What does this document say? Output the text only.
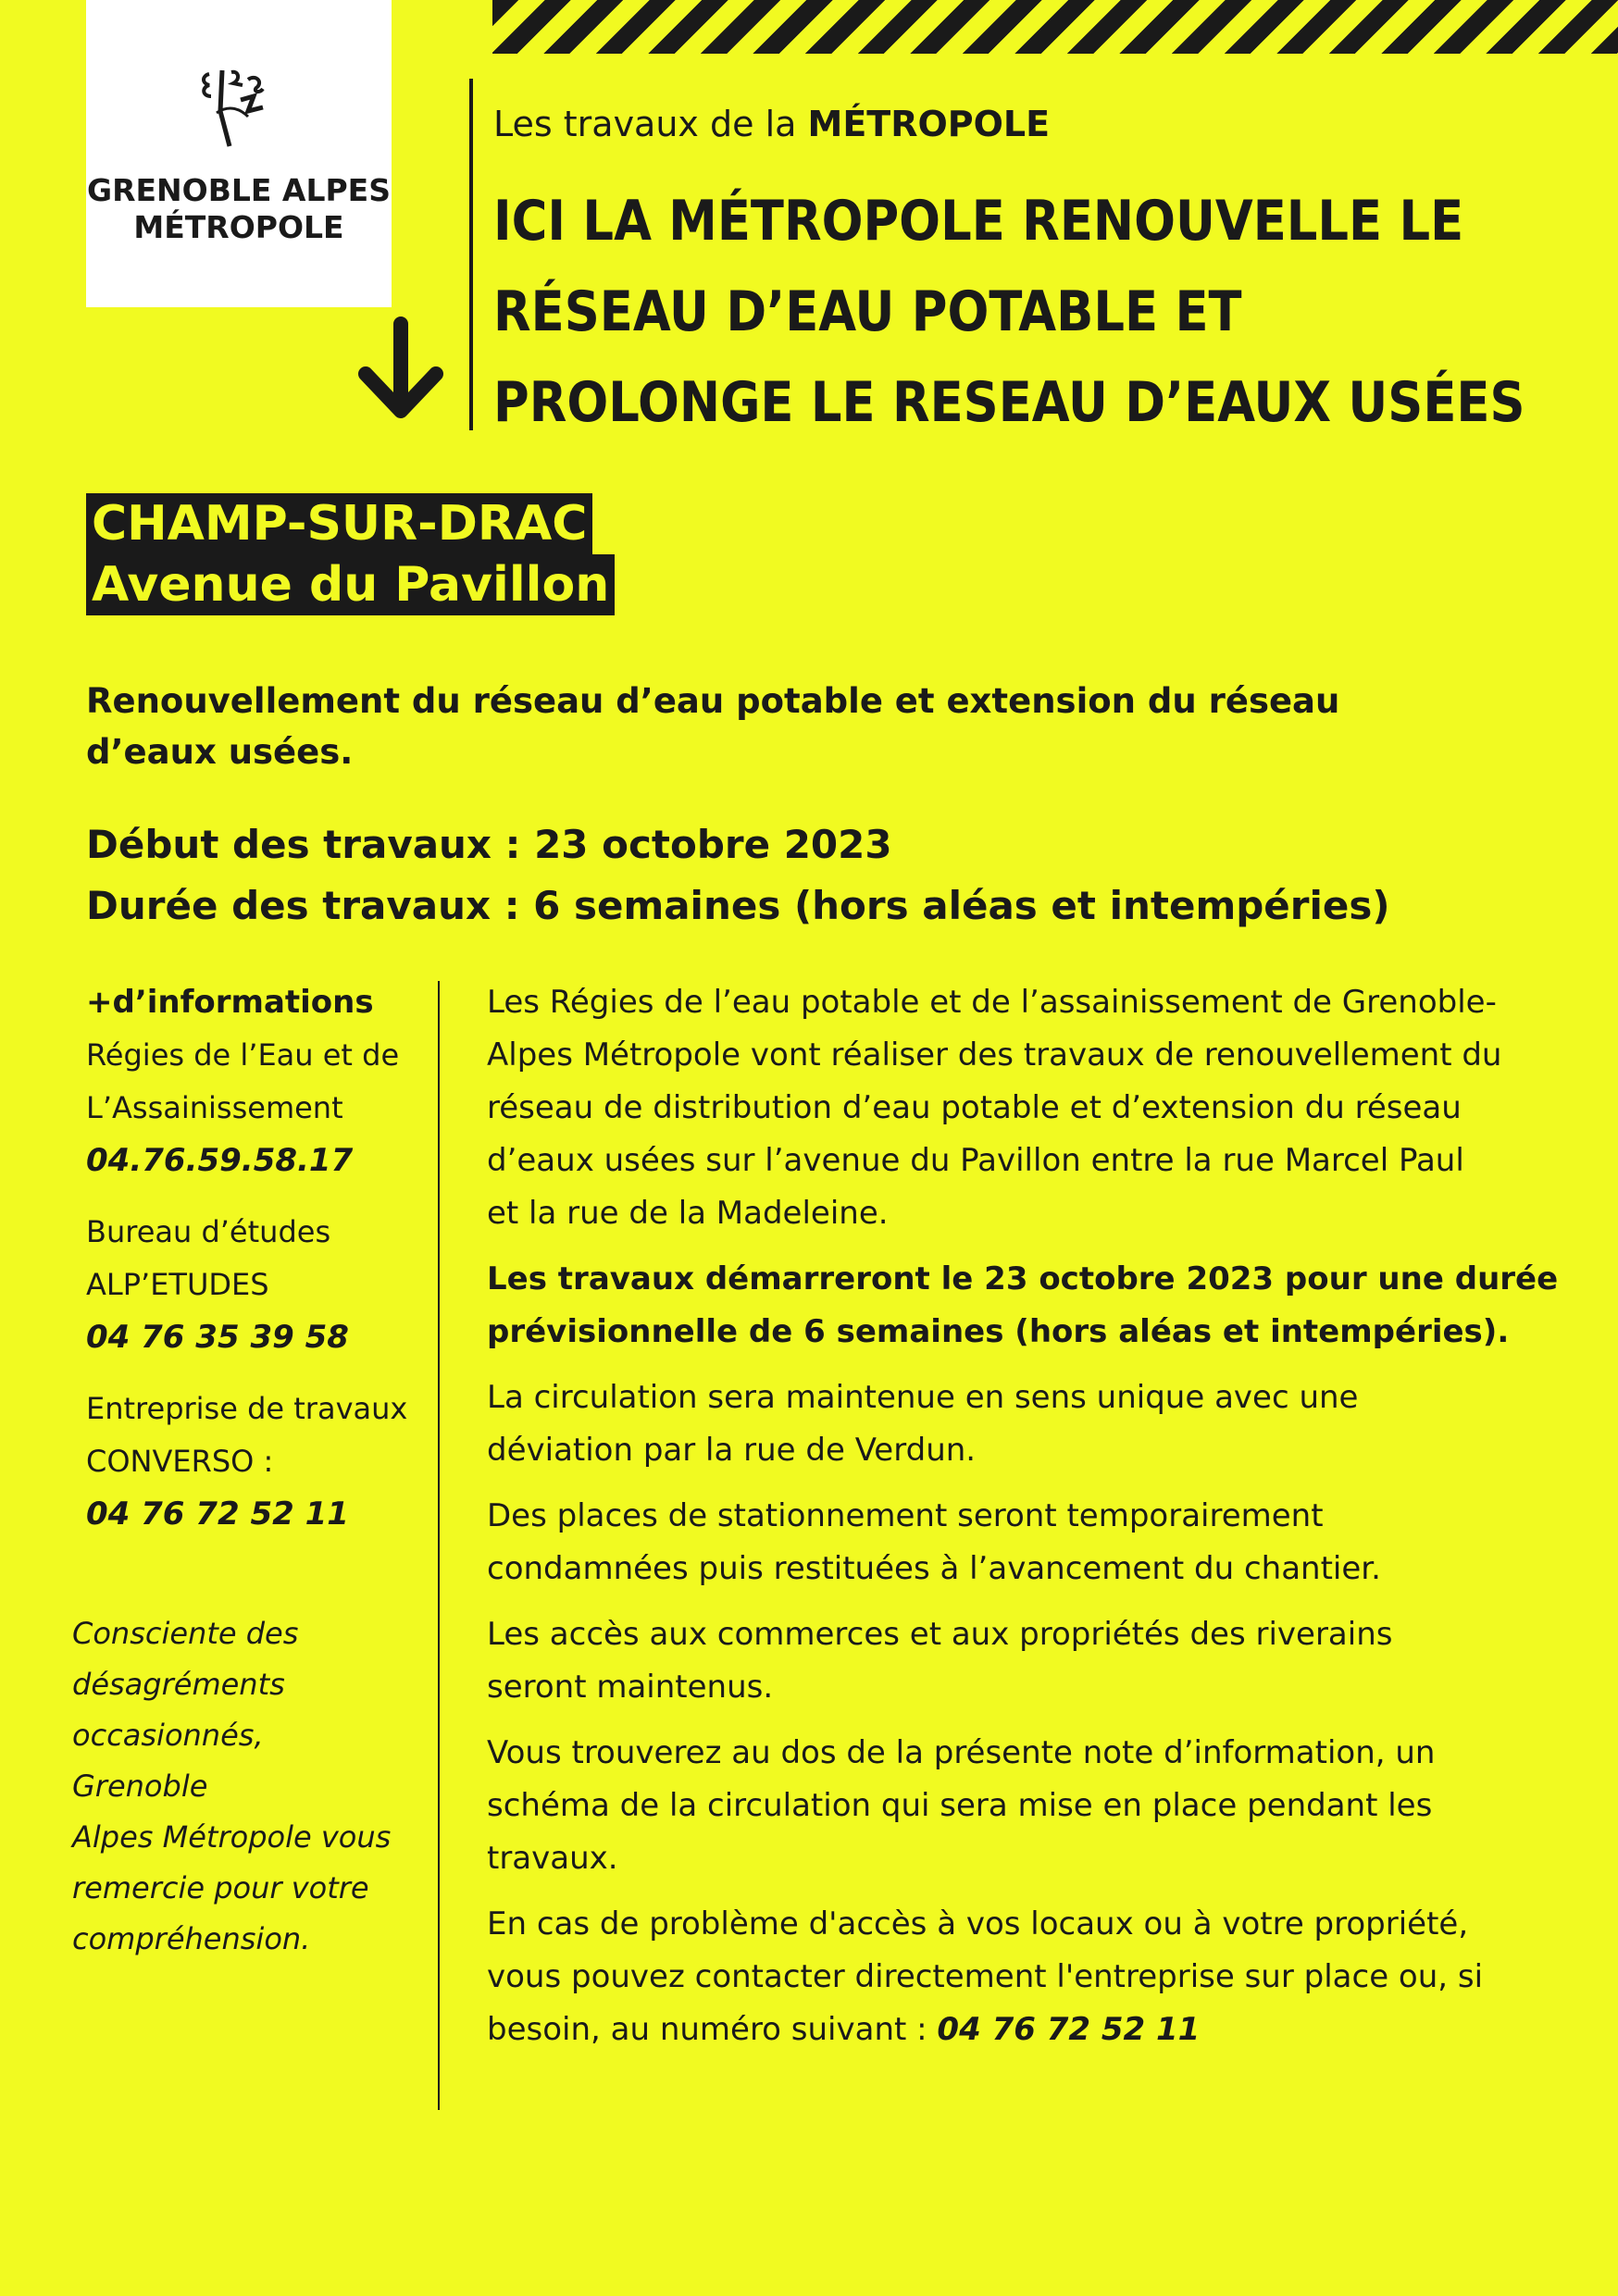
GRENOBLE ALPES
MÉTROPOLE
Les travaux de la MÉTROPOLE
ICI LA MÉTROPOLE RENOUVELLE LE
RÉSEAU D’EAU POTABLE ET
PROLONGE LE RESEAU D’EAUX USÉES
CHAMP-SUR-DRAC
Avenue du Pavillon
Renouvellement du réseau d’eau potable et extension du réseau d’eaux usées.
Début des travaux : 23 octobre 2023
Durée des travaux : 6 semaines (hors aléas et intempéries)
+d’informations
Régies de l’Eau et de
L’Assainissement
04.76.59.58.17
Bureau d’études
ALP’ETUDES
04 76 35 39 58
Entreprise de travaux
CONVERSO :
04 76 72 52 11
Consciente des
désagréments
occasionnés, Grenoble
Alpes Métropole vous
remercie pour votre
compréhension.

Les Régies de l’eau potable et de l’assainissement de Grenoble-
Alpes Métropole vont réaliser des travaux de renouvellement du
réseau de distribution d’eau potable et d’extension du réseau
d’eaux usées sur l’avenue du Pavillon entre la rue Marcel Paul
et la rue de la Madeleine.

Les travaux démarreront le 23 octobre 2023 pour une durée
prévisionnelle de 6 semaines (hors aléas et intempéries).

La circulation sera maintenue en sens unique avec une
déviation par la rue de Verdun.

Des places de stationnement seront temporairement
condamnées puis restituées à l’avancement du chantier.

Les accès aux commerces et aux propriétés des riverains
seront maintenus.

Vous trouverez au dos de la présente note d’information, un
schéma de la circulation qui sera mise en place pendant les
travaux.

En cas de problème d'accès à vos locaux ou à votre propriété,
vous pouvez contacter directement l'entreprise sur place ou, si
besoin, au numéro suivant : 04 76 72 52 11
